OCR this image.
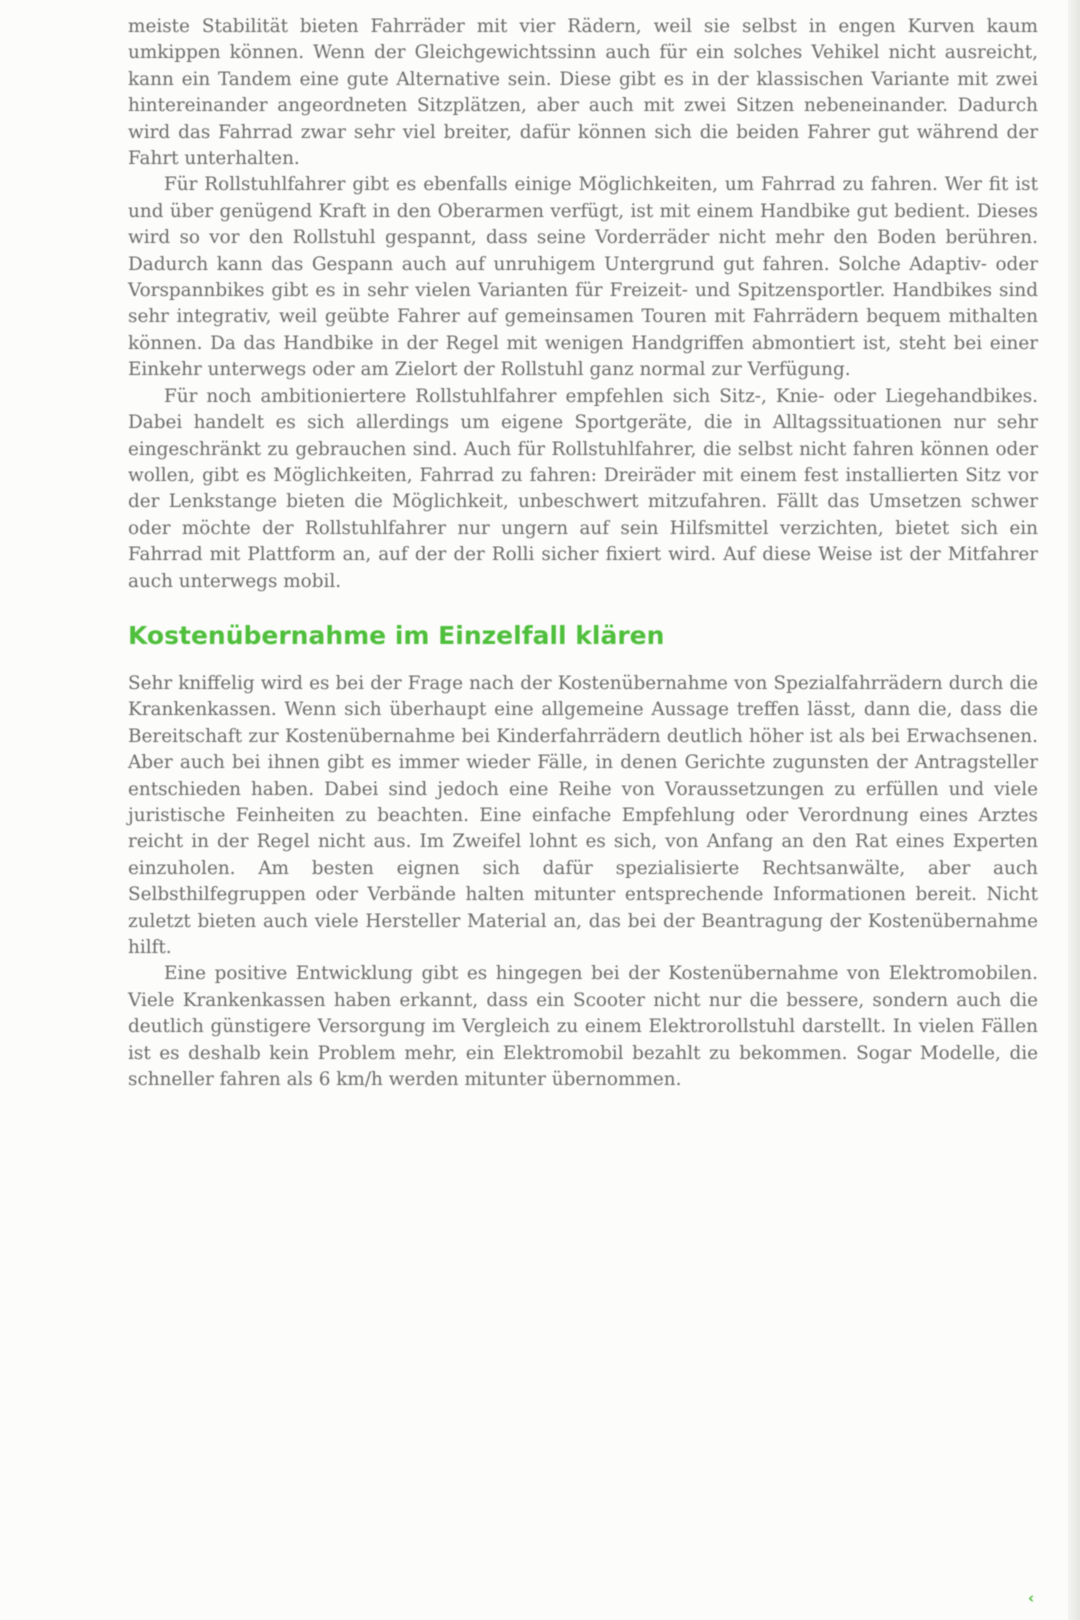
meiste Stabilität bieten Fahrräder mit vier Rädern, weil sie selbst in engen Kurven kaum umkippen können. Wenn der Gleichgewichtssinn auch für ein solches Vehikel nicht ausreicht, kann ein Tandem eine gute Alternative sein. Diese gibt es in der klassischen Variante mit zwei hintereinander angeordneten Sitzplätzen, aber auch mit zwei Sitzen nebeneinander. Dadurch wird das Fahrrad zwar sehr viel breiter, dafür können sich die beiden Fahrer gut während der Fahrt unterhalten.

Für Rollstuhlfahrer gibt es ebenfalls einige Möglichkeiten, um Fahrrad zu fahren. Wer fit ist und über genügend Kraft in den Oberarmen verfügt, ist mit einem Handbike gut bedient. Dieses wird so vor den Rollstuhl gespannt, dass seine Vorderräder nicht mehr den Boden berühren. Dadurch kann das Gespann auch auf unruhigem Untergrund gut fahren. Solche Adaptiv- oder Vorspannbikes gibt es in sehr vielen Varianten für Freizeit- und Spitzensportler. Handbikes sind sehr integrativ, weil geübte Fahrer auf gemeinsamen Touren mit Fahrrädern bequem mithalten können. Da das Handbike in der Regel mit wenigen Handgriffen abmontiert ist, steht bei einer Einkehr unterwegs oder am Zielort der Rollstuhl ganz normal zur Verfügung.

Für noch ambitioniertere Rollstuhlfahrer empfehlen sich Sitz-, Knie- oder Liegehandbikes. Dabei handelt es sich allerdings um eigene Sportgeräte, die in Alltagssituationen nur sehr eingeschränkt zu gebrauchen sind. Auch für Rollstuhlfahrer, die selbst nicht fahren können oder wollen, gibt es Möglichkeiten, Fahrrad zu fahren: Dreiräder mit einem fest installierten Sitz vor der Lenkstange bieten die Möglichkeit, unbeschwert mitzufahren. Fällt das Umsetzen schwer oder möchte der Rollstuhlfahrer nur ungern auf sein Hilfsmittel verzichten, bietet sich ein Fahrrad mit Plattform an, auf der der Rolli sicher fixiert wird. Auf diese Weise ist der Mitfahrer auch unterwegs mobil.

Kostenübernahme im Einzelfall klären

Sehr kniffelig wird es bei der Frage nach der Kostenübernahme von Spezialfahrrädern durch die Krankenkassen. Wenn sich überhaupt eine allgemeine Aussage treffen lässt, dann die, dass die Bereitschaft zur Kostenübernahme bei Kinderfahrrädern deutlich höher ist als bei Erwachsenen. Aber auch bei ihnen gibt es immer wieder Fälle, in denen Gerichte zugunsten der Antragsteller entschieden haben. Dabei sind jedoch eine Reihe von Voraussetzungen zu erfüllen und viele juristische Feinheiten zu beachten. Eine einfache Empfehlung oder Verordnung eines Arztes reicht in der Regel nicht aus. Im Zweifel lohnt es sich, von Anfang an den Rat eines Experten einzuholen. Am besten eignen sich dafür spezialisierte Rechtsanwälte, aber auch Selbsthilfegruppen oder Verbände halten mitunter entsprechende Informationen bereit. Nicht zuletzt bieten auch viele Hersteller Material an, das bei der Beantragung der Kostenübernahme hilft.

Eine positive Entwicklung gibt es hingegen bei der Kostenübernahme von Elektromobilen. Viele Krankenkassen haben erkannt, dass ein Scooter nicht nur die bessere, sondern auch die deutlich günstigere Versorgung im Vergleich zu einem Elektrorollstuhl darstellt. In vielen Fällen ist es deshalb kein Problem mehr, ein Elektromobil bezahlt zu bekommen. Sogar Modelle, die schneller fahren als 6 km/h werden mitunter übernommen.

‹
